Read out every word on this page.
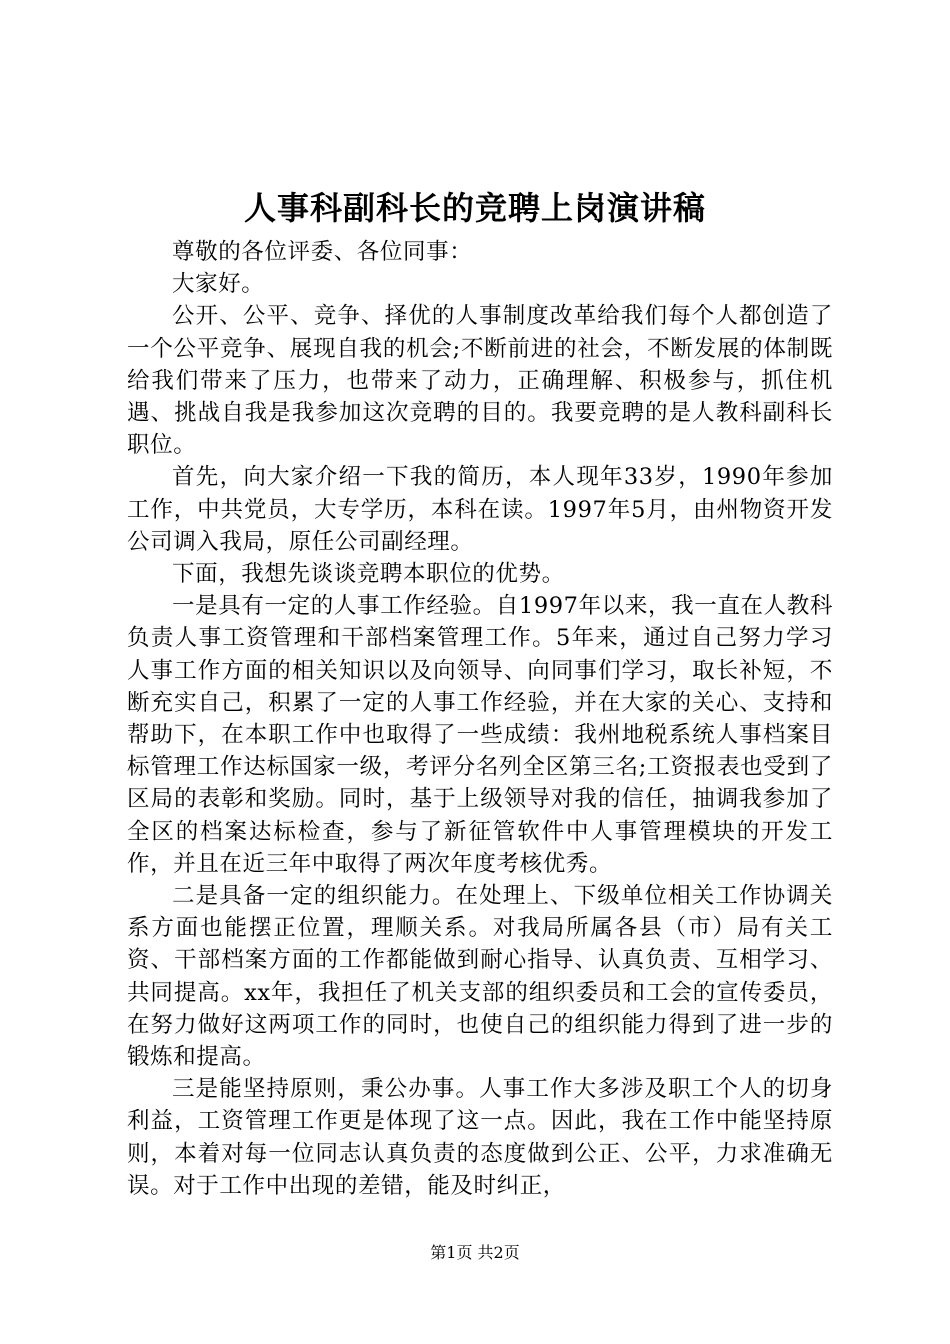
人事科副科长的竞聘上岗演讲稿

尊敬的各位评委、各位同事：

大家好。

公开、公平、竞争、择优的人事制度改革给我们每个人都创造了一个公平竞争、展现自我的机会;不断前进的社会，不断发展的体制既给我们带来了压力，也带来了动力，正确理解、积极参与，抓住机遇、挑战自我是我参加这次竞聘的目的。我要竞聘的是人教科副科长职位。

首先，向大家介绍一下我的简历，本人现年33岁，1990年参加工作，中共党员，大专学历，本科在读。1997年5月，由州物资开发公司调入我局，原任公司副经理。

下面，我想先谈谈竞聘本职位的优势。

一是具有一定的人事工作经验。自1997年以来，我一直在人教科负责人事工资管理和干部档案管理工作。5年来，通过自己努力学习人事工作方面的相关知识以及向领导、向同事们学习，取长补短，不断充实自己，积累了一定的人事工作经验，并在大家的关心、支持和帮助下，在本职工作中也取得了一些成绩：我州地税系统人事档案目标管理工作达标国家一级，考评分名列全区第三名;工资报表也受到了区局的表彰和奖励。同时，基于上级领导对我的信任，抽调我参加了全区的档案达标检查，参与了新征管软件中人事管理模块的开发工作，并且在近三年中取得了两次年度考核优秀。

二是具备一定的组织能力。在处理上、下级单位相关工作协调关系方面也能摆正位置，理顺关系。对我局所属各县（市）局有关工资、干部档案方面的工作都能做到耐心指导、认真负责、互相学习、共同提高。xx年，我担任了机关支部的组织委员和工会的宣传委员，在努力做好这两项工作的同时，也使自己的组织能力得到了进一步的锻炼和提高。

三是能坚持原则，秉公办事。人事工作大多涉及职工个人的切身利益，工资管理工作更是体现了这一点。因此，我在工作中能坚持原则，本着对每一位同志认真负责的态度做到公正、公平，力求准确无误。对于工作中出现的差错，能及时纠正，

第1页 共2页
